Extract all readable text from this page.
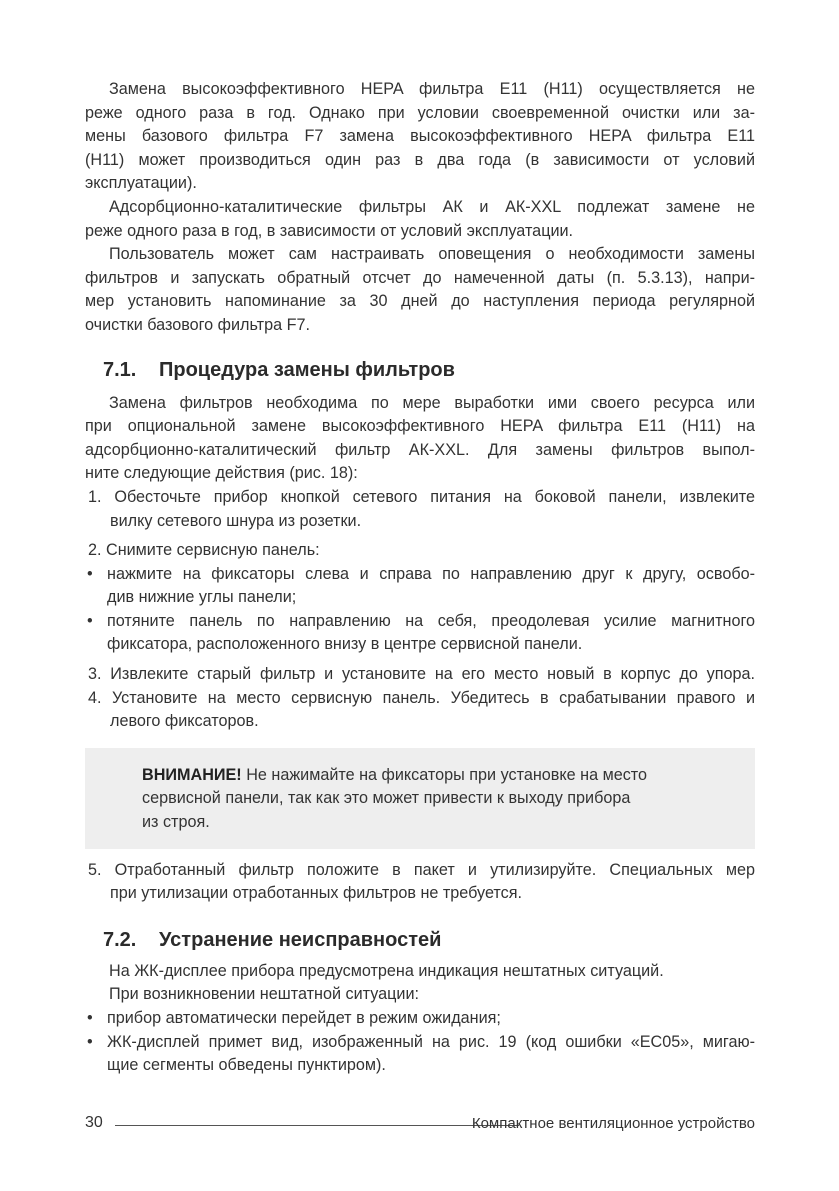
Замена высокоэффективного HEPA фильтра E11 (H11) осуществляется не
реже одного раза в год. Однако при условии своевременной очистки или за-
мены базового фильтра F7 замена высокоэффективного HEPA фильтра E11
(H11) может производиться один раз в два года (в зависимости от условий
эксплуатации).
Адсорбционно-каталитические фильтры АК и АК-XXL подлежат замене не
реже одного раза в год, в зависимости от условий эксплуатации.
Пользователь может сам настраивать оповещения о необходимости замены
фильтров и запускать обратный отсчет до намеченной даты (п. 5.3.13), напри-
мер установить напоминание за 30 дней до наступления периода регулярной
очистки базового фильтра F7.
7.1. Процедура замены фильтров
Замена фильтров необходима по мере выработки ими своего ресурса или
при опциональной замене высокоэффективного HEPA фильтра E11 (H11) на
адсорбционно-каталитический фильтр АК-XXL. Для замены фильтров выпол-
ните следующие действия (рис. 18):
1. Обесточьте прибор кнопкой сетевого питания на боковой панели, извлеките
вилку сетевого шнура из розетки.
2. Снимите сервисную панель:
• нажмите на фиксаторы слева и справа по направлению друг к другу, освобо-
див нижние углы панели;
• потяните панель по направлению на себя, преодолевая усилие магнитного
фиксатора, расположенного внизу в центре сервисной панели.
3. Извлеките старый фильтр и установите на его место новый в корпус до упора.
4. Установите на место сервисную панель. Убедитесь в срабатывании правого и
левого фиксаторов.
ВНИМАНИЕ! Не нажимайте на фиксаторы при установке на место
сервисной панели, так как это может привести к выходу прибора
из строя.
5. Отработанный фильтр положите в пакет и утилизируйте. Специальных мер
при утилизации отработанных фильтров не требуется.
7.2. Устранение неисправностей
На ЖК-дисплее прибора предусмотрена индикация нештатных ситуаций.
При возникновении нештатной ситуации:
• прибор автоматически перейдет в режим ожидания;
• ЖК-дисплей примет вид, изображенный на рис. 19 (код ошибки «EC05», мигаю-
щие сегменты обведены пунктиром).
30	Компактное вентиляционное устройство
